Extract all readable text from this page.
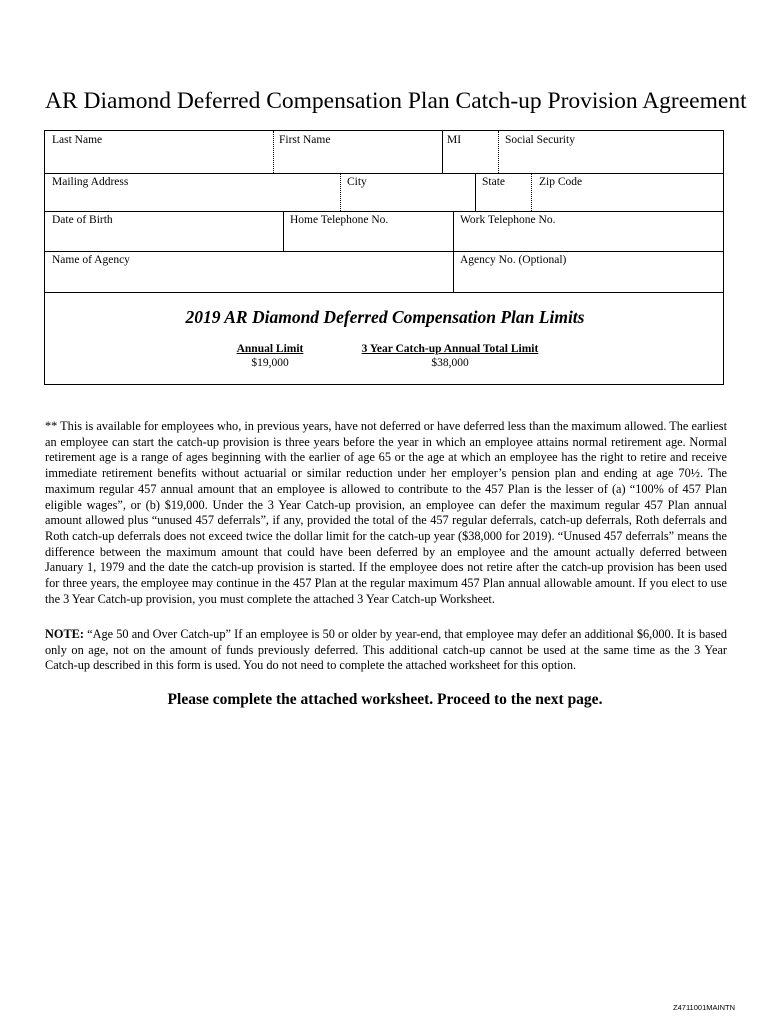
AR Diamond Deferred Compensation Plan Catch-up Provision Agreement
Last Name	First Name	MI	Social Security
Mailing Address	City	State	Zip Code
Date of Birth	Home Telephone No.	Work Telephone No.
Name of Agency	Agency No. (Optional)
2019 AR Diamond Deferred Compensation Plan Limits
Annual Limit
$19,000
3 Year Catch-up Annual Total Limit
$38,000

** This is available for employees who, in previous years, have not deferred or have deferred less than the maximum allowed. The earliest an employee can start the catch-up provision is three years before the year in which an employee attains normal retirement age. Normal retirement age is a range of ages beginning with the earlier of age 65 or the age at which an employee has the right to retire and receive immediate retirement benefits without actuarial or similar reduction under her employer’s pension plan and ending at age 70½. The maximum regular 457 annual amount that an employee is allowed to contribute to the 457 Plan is the lesser of (a) “100% of 457 Plan eligible wages”, or (b) $19,000. Under the 3 Year Catch-up provision, an employee can defer the maximum regular 457 Plan annual amount allowed plus “unused 457 deferrals”, if any, provided the total of the 457 regular deferrals, catch-up deferrals, Roth deferrals and Roth catch-up deferrals does not exceed twice the dollar limit for the catch-up year ($38,000 for 2019). “Unused 457 deferrals” means the difference between the maximum amount that could have been deferred by an employee and the amount actually deferred between January 1, 1979 and the date the catch-up provision is started. If the employee does not retire after the catch-up provision has been used for three years, the employee may continue in the 457 Plan at the regular maximum 457 Plan annual allowable amount. If you elect to use the 3 Year Catch-up provision, you must complete the attached 3 Year Catch-up Worksheet.

NOTE: “Age 50 and Over Catch-up” If an employee is 50 or older by year-end, that employee may defer an additional $6,000. It is based only on age, not on the amount of funds previously deferred. This additional catch-up cannot be used at the same time as the 3 Year Catch-up described in this form is used. You do not need to complete the attached worksheet for this option.

Please complete the attached worksheet. Proceed to the next page.
Z4711001MAINTN
